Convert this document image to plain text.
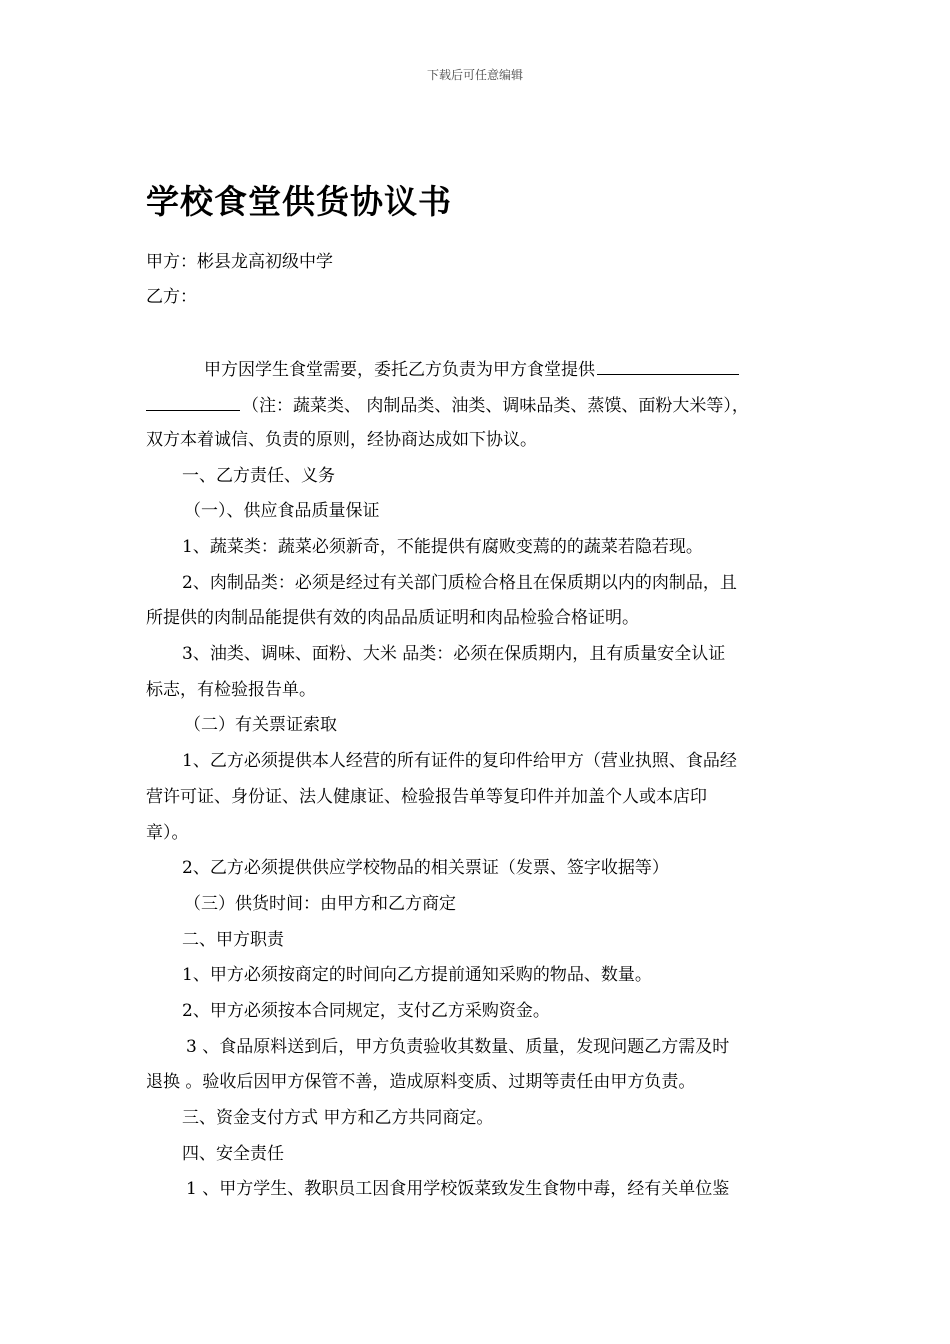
下载后可任意编辑
学校食堂供货协议书
甲方：彬县龙高初级中学
乙方：
甲方因学生食堂需要，委托乙方负责为甲方食堂提供
（注：蔬菜类、 肉制品类、油类、调味品类、蒸馍、面粉大米等），
双方本着诚信、负责的原则，经协商达成如下协议。
一、乙方责任、义务
（一）、供应食品质量保证
1、蔬菜类：蔬菜必须新奇，不能提供有腐败变蔫的的蔬菜若隐若现。
2、肉制品类：必须是经过有关部门质检合格且在保质期以内的肉制品，且
所提供的肉制品能提供有效的肉品品质证明和肉品检验合格证明。
3、油类、调味、面粉、大米 品类：必须在保质期内，且有质量安全认证
标志，有检验报告单。
（二）有关票证索取
1、乙方必须提供本人经营的所有证件的复印件给甲方（营业执照、食品经
营许可证、身份证、法人健康证、检验报告单等复印件并加盖个人或本店印
章）。
2、乙方必须提供供应学校物品的相关票证（发票、签字收据等）
（三）供货时间：由甲方和乙方商定
二、甲方职责
1、甲方必须按商定的时间向乙方提前通知采购的物品、数量。
2、甲方必须按本合同规定，支付乙方采购资金。
3 、食品原料送到后，甲方负责验收其数量、质量，发现问题乙方需及时
退换 。验收后因甲方保管不善，造成原料变质、过期等责任由甲方负责。
三、资金支付方式 甲方和乙方共同商定。
四、安全责任
1 、甲方学生、教职员工因食用学校饭菜致发生食物中毒，经有关单位鉴
